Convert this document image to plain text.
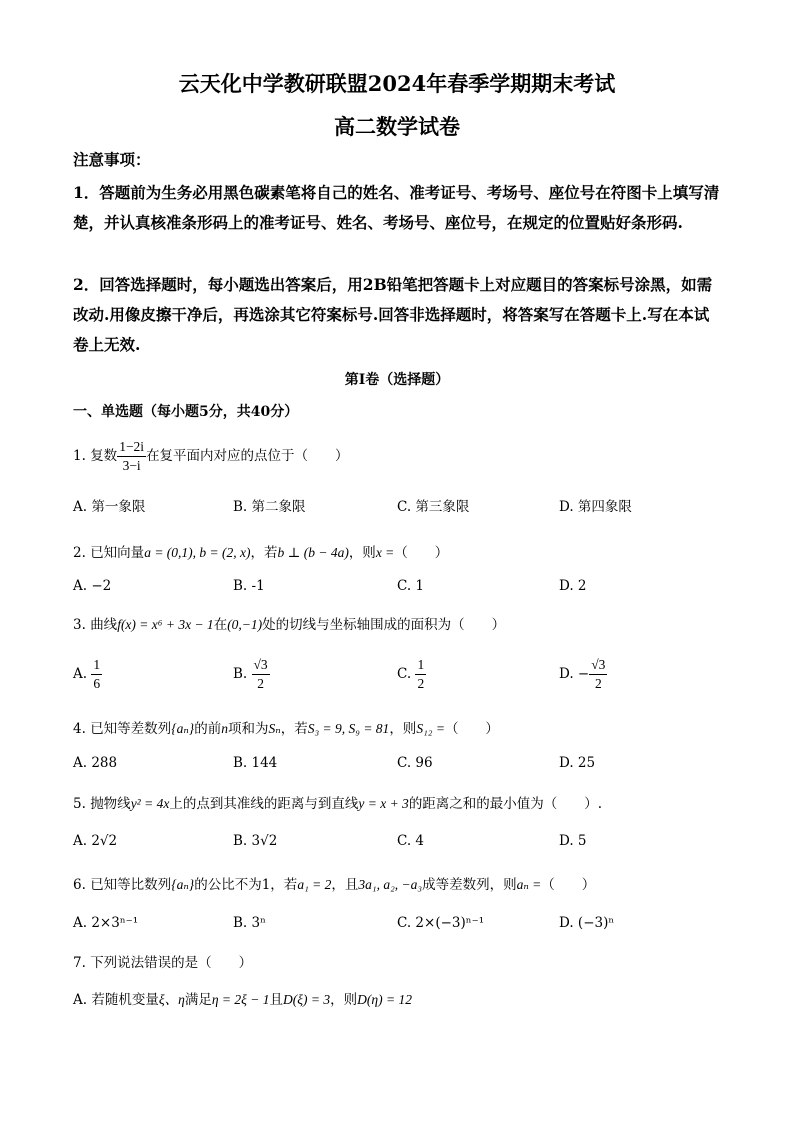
云天化中学教研联盟2024年春季学期期末考试
高二数学试卷
注意事项：
1．答题前为生务必用黑色碳素笔将自己的姓名、准考证号、考场号、座位号在符图卡上填写清楚，并认真核准条形码上的准考证号、姓名、考场号、座位号，在规定的位置贴好条形码.
2．回答选择题时，每小题选出答案后，用2B铅笔把答题卡上对应题目的答案标号涂黑，如需改动.用像皮擦干净后，再选涂其它符案标号.回答非选择题时，将答案写在答题卡上.写在本试卷上无效.
第Ⅰ卷（选择题）
一、单选题（每小题5分，共40分）
1. 复数 $\frac{1-2i}{3-i}$ 在复平面内对应的点位于（　　）
A. 第一象限	B. 第二象限	C. 第三象限	D. 第四象限
2. 已知向量a = (0,1), b = (2, x)，若b ⊥ (b − 4a)，则x =（　　）
A. −2	B. -1	C. 1	D. 2
3. 曲线f(x) = x⁶ + 3x − 1在(0,−1)处的切线与坐标轴围成的面积为（　　）
A. $\frac{1}{6}$	B. $\frac{√3}{2}$	C. $\frac{1}{2}$	D. − $\frac{√3}{2}$
4. 已知等差数列{aₙ}的前n项和为Sₙ，若S₃ = 9, S₉ = 81，则S₁₂ =（　　）
A. 288	B. 144	C. 96	D. 25
5. 抛物线y² = 4x上的点到其准线的距离与到直线y = x + 3的距离之和的最小值为（　　）.
A. 2√2	B. 3√2	C. 4	D. 5
6. 已知等比数列{aₙ}的公比不为1，若a₁ = 2，且3a₁, a₂, −a₃成等差数列，则aₙ =（　　）
A. 2×3ⁿ⁻¹	B. 3ⁿ	C. 2×(−3)ⁿ⁻¹	D. (−3)ⁿ
7. 下列说法错误的是（　　）
A. 若随机变量ξ、η满足η = 2ξ − 1且D(ξ) = 3，则D(η) = 12
